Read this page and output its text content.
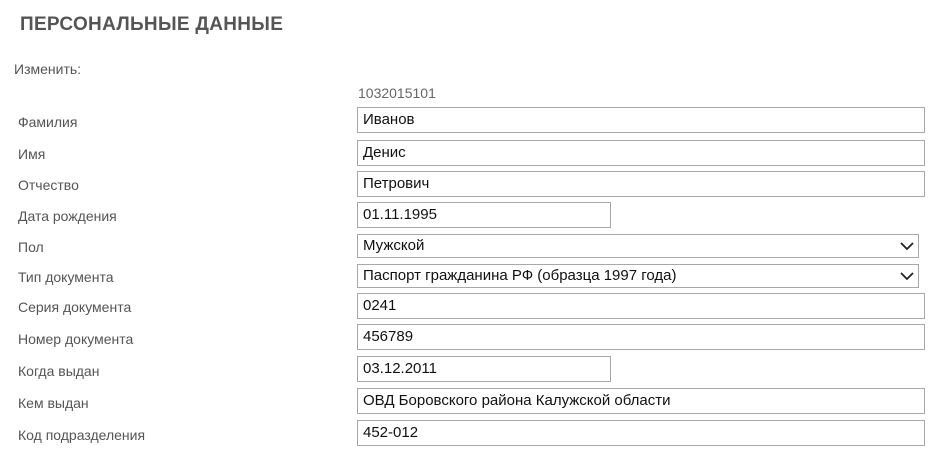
ПЕРСОНАЛЬНЫЕ ДАННЫЕ
Изменить:
1032015101
Фамилия	Иванов
Имя	Денис
Отчество	Петрович
Дата рождения	01.11.1995
Пол	Мужской
Тип документа	Паспорт гражданина РФ (образца 1997 года)
Серия документа	0241
Номер документа	456789
Когда выдан	03.12.2011
Кем выдан	ОВД Боровского района Калужской области
Код подразделения	452-012
